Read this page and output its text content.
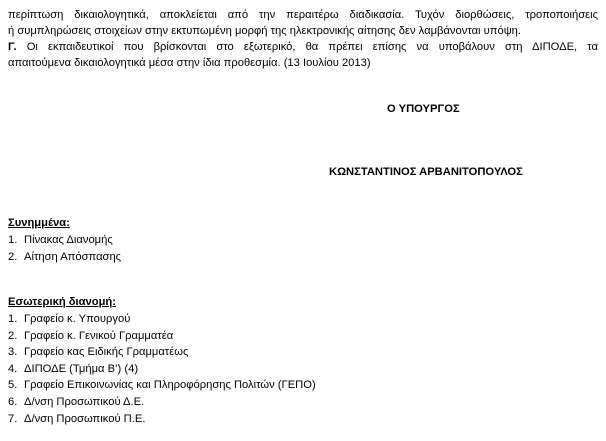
περίπτωση δικαιολογητικά, αποκλείεται από την περαιτέρω διαδικασία. Τυχόν διορθώσεις, τροποποιήσεις
ή συμπληρώσεις στοιχείων στην εκτυπωμένη μορφή της ηλεκτρονικής αίτησης δεν λαμβάνονται υπόψη.
Γ. Οι εκπαιδευτικοί που βρίσκονται στο εξωτερικό, θα πρέπει επίσης να υποβάλουν στη ΔΙΠΟΔΕ, τα
απαιτούμενα δικαιολογητικά μέσα στην ίδια προθεσμία. (13 Ιουλίου 2013)
Ο ΥΠΟΥΡΓΟΣ
ΚΩΝΣΤΑΝΤΙΝΟΣ ΑΡΒΑΝΙΤΟΠΟΥΛΟΣ
Συνημμένα:
1. Πίνακας Διανομής
2. Αίτηση Απόσπασης
Εσωτερική διανομή:
1. Γραφείο κ. Υπουργού
2. Γραφείο κ. Γενικού Γραμματέα
3. Γραφείο κας Ειδικής Γραμματέως
4. ΔΙΠΟΔΕ (Τμήμα Β’) (4)
5. Γραφείο Επικοινωνίας και Πληροφόρησης Πολιτών (ΓΕΠΟ)
6. Δ/νση Προσωπικού Δ.Ε.
7. Δ/νση Προσωπικού Π.Ε.
